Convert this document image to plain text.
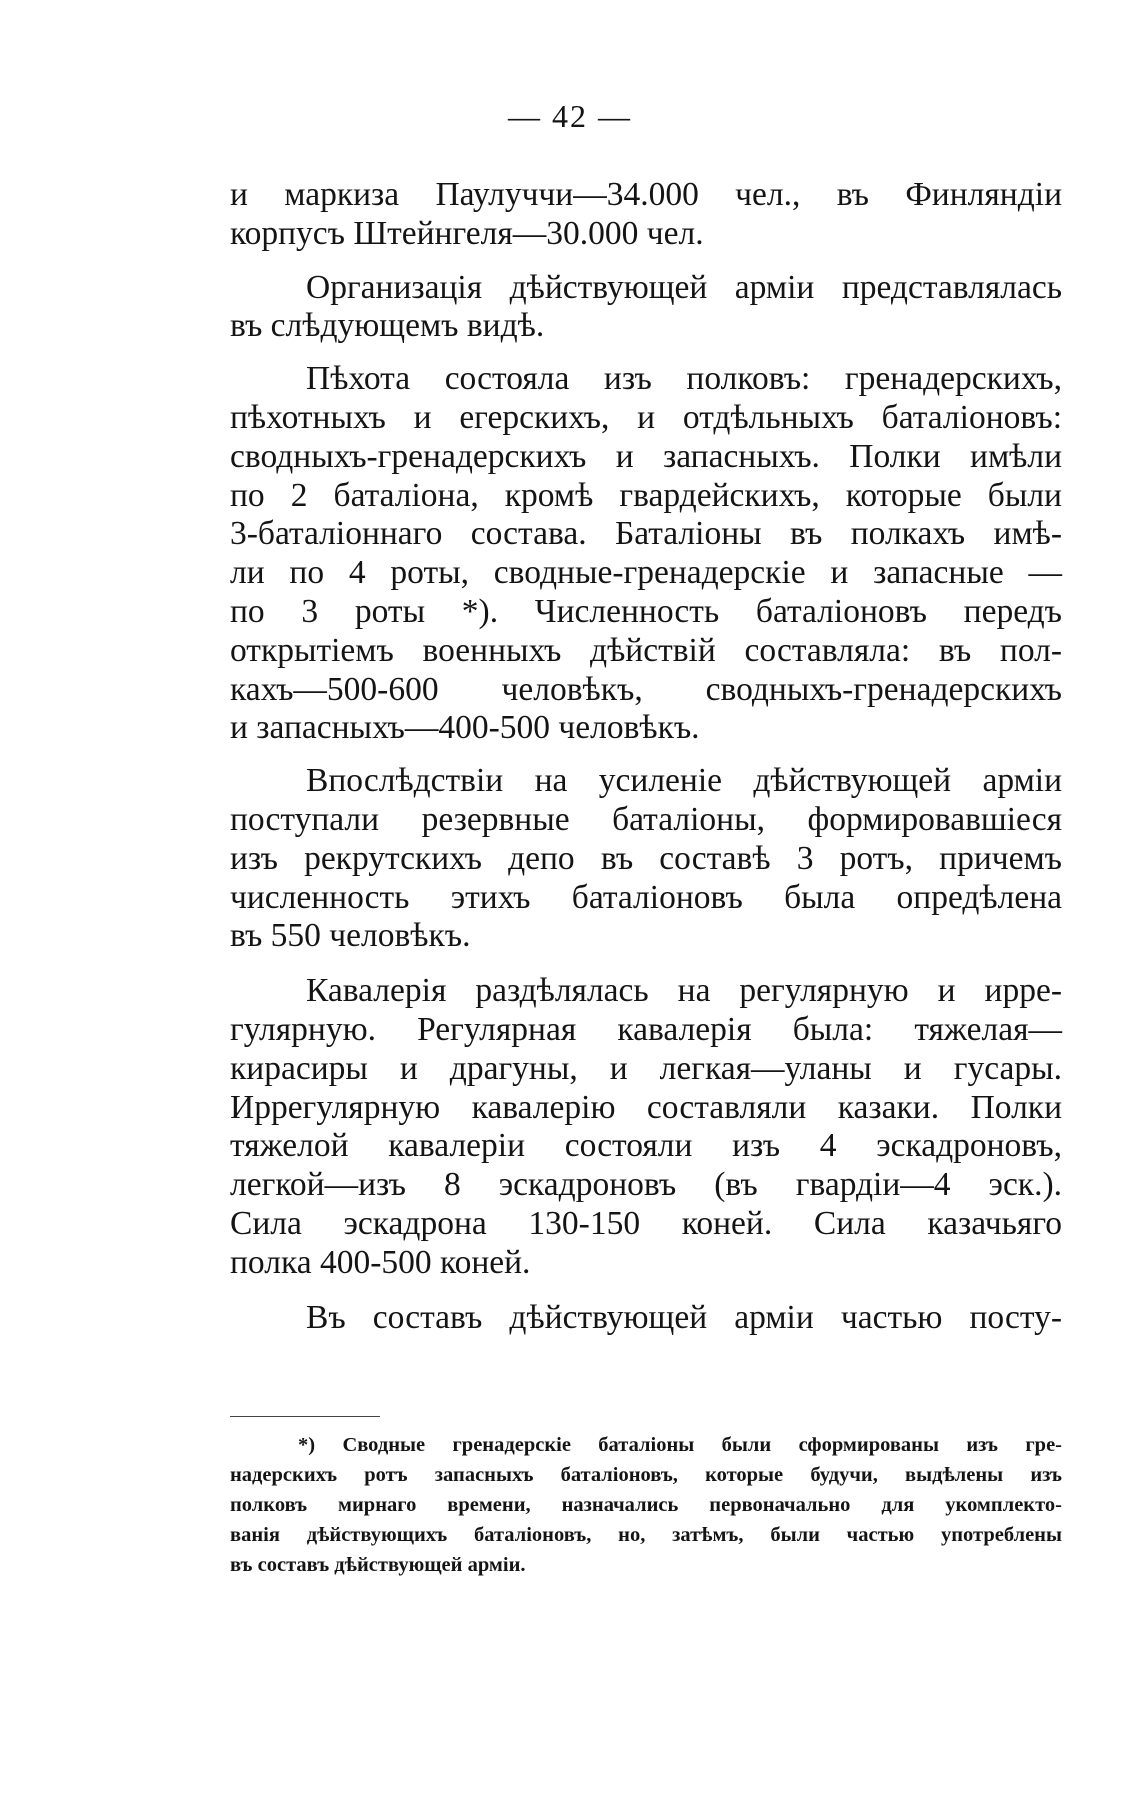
— 42 —
и маркиза Паулуччи—34.000 чел., въ Финляндіи
корпусъ Штейнгеля—30.000 чел.
Организація дѣйствующей арміи представлялась
въ слѣдующемъ видѣ.
Пѣхота состояла изъ полковъ: гренадерскихъ,
пѣхотныхъ и егерскихъ, и отдѣльныхъ баталіоновъ:
сводныхъ-гренадерскихъ и запасныхъ. Полки имѣли
по 2 баталіона, кромѣ гвардейскихъ, которые были
3-баталіоннаго состава. Баталіоны въ полкахъ имѣ-
ли по 4 роты, сводные-гренадерскіе и запасные —
по 3 роты *). Численность баталіоновъ передъ
открытіемъ военныхъ дѣйствій составляла: въ пол-
кахъ—500-600 человѣкъ, сводныхъ-гренадерскихъ
и запасныхъ—400-500 человѣкъ.
Впослѣдствіи на усиленіе дѣйствующей арміи
поступали резервные баталіоны, формировавшіеся
изъ рекрутскихъ депо въ составѣ 3 ротъ, причемъ
численность этихъ баталіоновъ была опредѣлена
въ 550 человѣкъ.
Кавалерія раздѣлялась на регулярную и ирре-
гулярную. Регулярная кавалерія была: тяжелая—
кирасиры и драгуны, и легкая—уланы и гусары.
Иррегулярную кавалерію составляли казаки. Полки
тяжелой кавалеріи состояли изъ 4 эскадроновъ,
легкой—изъ 8 эскадроновъ (въ гвардіи—4 эск.).
Сила эскадрона 130-150 коней. Сила казачьяго
полка 400-500 коней.
Въ составъ дѣйствующей арміи частью посту-
*) Сводные гренадерскіе баталіоны были сформированы изъ гре-
надерскихъ ротъ запасныхъ баталіоновъ, которые будучи, выдѣлены изъ
полковъ мирнаго времени, назначались первоначально для укомплекто-
ванія дѣйствующихъ баталіоновъ, но, затѣмъ, были частью употреблены
въ составъ дѣйствующей арміи.
